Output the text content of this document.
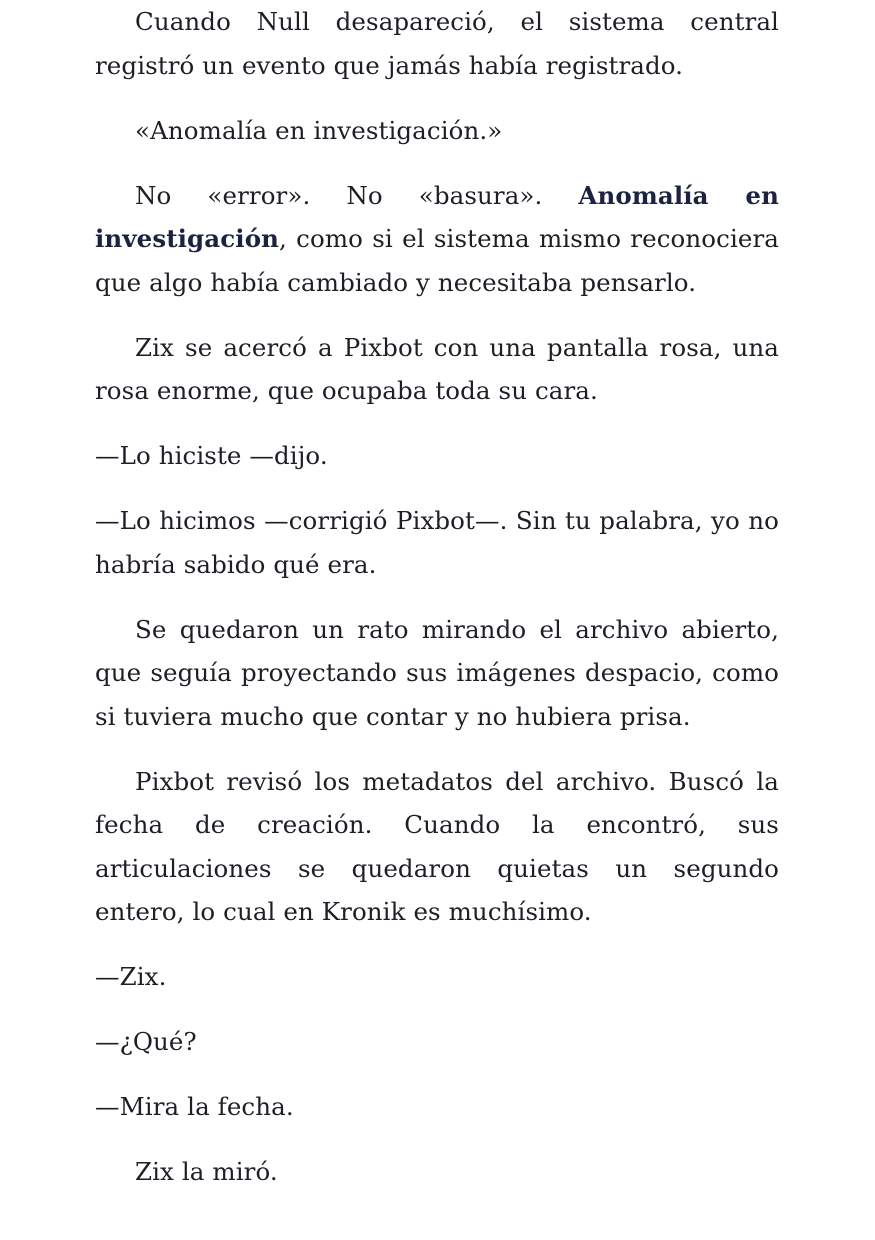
Cuando Null desapareció, el sistema central registró un evento que jamás había registrado.

«Anomalía en investigación.»

No «error». No «basura». Anomalía en investigación, como si el sistema mismo reconociera que algo había cambiado y necesitaba pensarlo.

Zix se acercó a Pixbot con una pantalla rosa, una rosa enorme, que ocupaba toda su cara.

—Lo hiciste —dijo.

—Lo hicimos —corrigió Pixbot—. Sin tu palabra, yo no habría sabido qué era.

Se quedaron un rato mirando el archivo abierto, que seguía proyectando sus imágenes despacio, como si tuviera mucho que contar y no hubiera prisa.

Pixbot revisó los metadatos del archivo. Buscó la fecha de creación. Cuando la encontró, sus articulaciones se quedaron quietas un segundo entero, lo cual en Kronik es muchísimo.

—Zix.

—¿Qué?

—Mira la fecha.

Zix la miró.
